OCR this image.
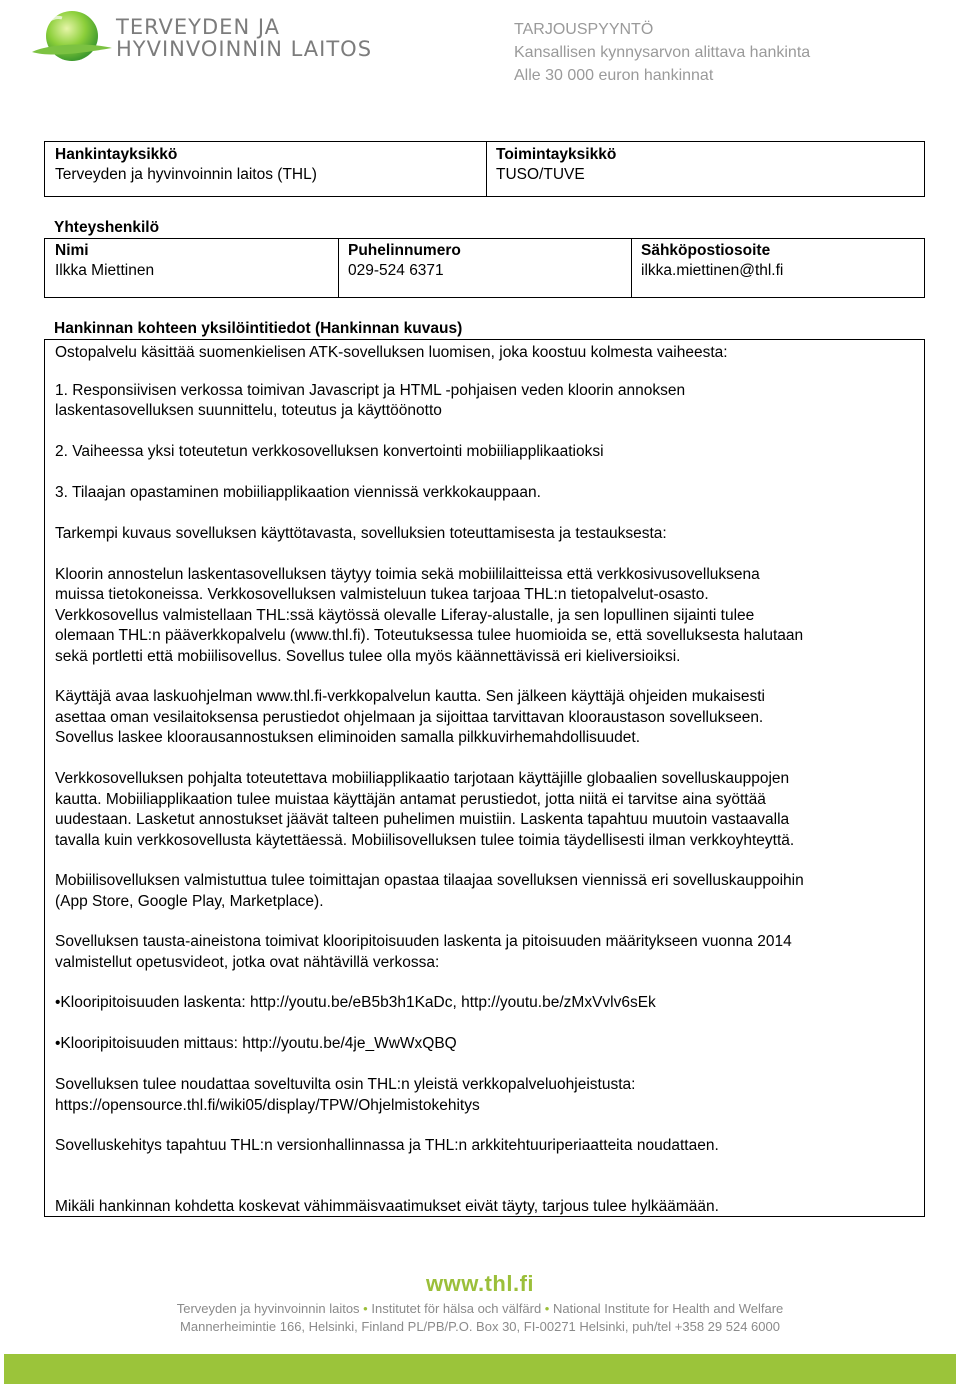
TERVEYDEN JA
HYVINVOINNIN LAITOS
TARJOUSPYYNTÖ
Kansallisen kynnysarvon alittava hankinta
Alle 30 000 euron hankinnat
Hankintayksikkö
Terveyden ja hyvinvoinnin laitos (THL)
Toimintayksikkö
TUSO/TUVE
Yhteyshenkilö
Nimi
Ilkka Miettinen
Puhelinnumero
029-524 6371
Sähköpostiosoite
ilkka.miettinen@thl.fi
Hankinnan kohteen yksilöintitiedot (Hankinnan kuvaus)
Ostopalvelu käsittää suomenkielisen ATK-sovelluksen luomisen, joka koostuu kolmesta vaiheesta:
1. Responsiivisen verkossa toimivan Javascript ja HTML -pohjaisen veden kloorin annoksen
laskentasovelluksen suunnittelu, toteutus ja käyttöönotto
2. Vaiheessa yksi toteutetun verkkosovelluksen konvertointi mobiiliapplikaatioksi
3. Tilaajan opastaminen mobiiliapplikaation viennissä verkkokauppaan.
Tarkempi kuvaus sovelluksen käyttötavasta, sovelluksien toteuttamisesta ja testauksesta:
Kloorin annostelun laskentasovelluksen täytyy toimia sekä mobiililaitteissa että verkkosivusovelluksena
muissa tietokoneissa. Verkkosovelluksen valmisteluun tukea tarjoaa THL:n tietopalvelut-osasto.
Verkkosovellus valmistellaan THL:ssä käytössä olevalle Liferay-alustalle, ja sen lopullinen sijainti tulee
olemaan THL:n pääverkkopalvelu (www.thl.fi). Toteutuksessa tulee huomioida se, että sovelluksesta halutaan
sekä portletti että mobiilisovellus. Sovellus tulee olla myös käännettävissä eri kieliversioiksi.
Käyttäjä avaa laskuohjelman www.thl.fi-verkkopalvelun kautta. Sen jälkeen käyttäjä ohjeiden mukaisesti
asettaa oman vesilaitoksensa perustiedot ohjelmaan ja sijoittaa tarvittavan klooraustason sovellukseen.
Sovellus laskee kloorausannostuksen eliminoiden samalla pilkkuvirhemahdollisuudet.
Verkkosovelluksen pohjalta toteutettava mobiiliapplikaatio tarjotaan käyttäjille globaalien sovelluskauppojen
kautta. Mobiiliapplikaation tulee muistaa käyttäjän antamat perustiedot, jotta niitä ei tarvitse aina syöttää
uudestaan. Lasketut annostukset jäävät talteen puhelimen muistiin. Laskenta tapahtuu muutoin vastaavalla
tavalla kuin verkkosovellusta käytettäessä. Mobiilisovelluksen tulee toimia täydellisesti ilman verkkoyhteyttä.
Mobiilisovelluksen valmistuttua tulee toimittajan opastaa tilaajaa sovelluksen viennissä eri sovelluskauppoihin
(App Store, Google Play, Marketplace).
Sovelluksen tausta-aineistona toimivat klooripitoisuuden laskenta ja pitoisuuden määritykseen vuonna 2014
valmistellut opetusvideot, jotka ovat nähtävillä verkossa:
•Klooripitoisuuden laskenta: http://youtu.be/eB5b3h1KaDc, http://youtu.be/zMxVvlv6sEk
•Klooripitoisuuden mittaus: http://youtu.be/4je_WwWxQBQ
Sovelluksen tulee noudattaa soveltuvilta osin THL:n yleistä verkkopalveluohjeistusta:
https://opensource.thl.fi/wiki05/display/TPW/Ohjelmistokehitys
Sovelluskehitys tapahtuu THL:n versionhallinnassa ja THL:n arkkitehtuuriperiaatteita noudattaen.
Mikäli hankinnan kohdetta koskevat vähimmäisvaatimukset eivät täyty, tarjous tulee hylkäämään.
www.thl.fi
Terveyden ja hyvinvoinnin laitos • Institutet för hälsa och välfärd • National Institute for Health and Welfare
Mannerheimintie 166, Helsinki, Finland PL/PB/P.O. Box 30, FI-00271 Helsinki, puh/tel +358 29 524 6000
